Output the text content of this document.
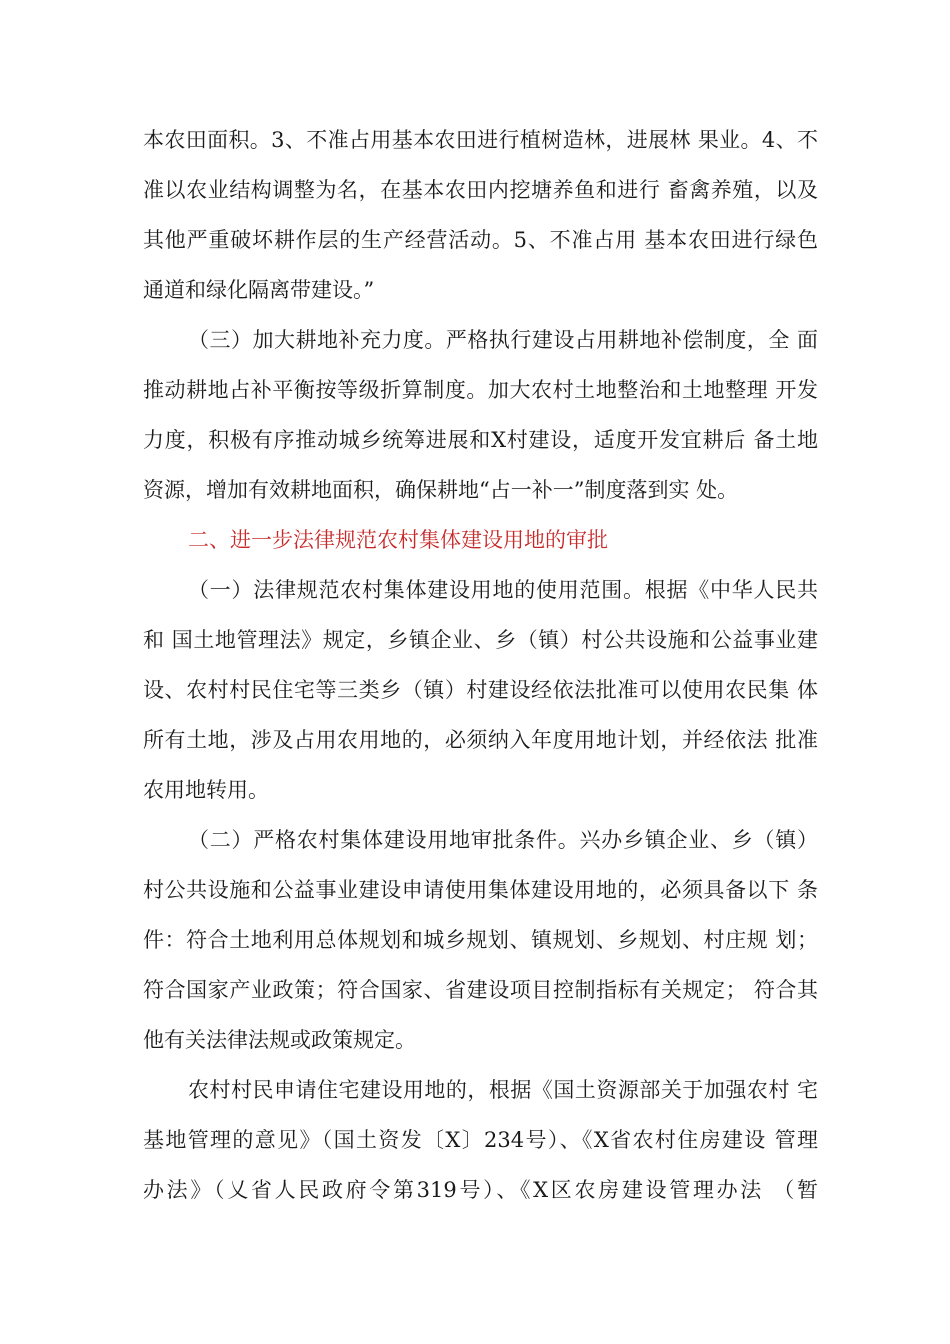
本农田面积。3、不准占用基本农田进行植树造林，进展林 果业。4、不
准以农业结构调整为名，在基本农田内挖塘养鱼和进行 畜禽养殖，以及
其他严重破坏耕作层的生产经营活动。5、不准占用 基本农田进行绿色
通道和绿化隔离带建设。”
（三）加大耕地补充力度。严格执行建设占用耕地补偿制度，全 面
推动耕地占补平衡按等级折算制度。加大农村土地整治和土地整理 开发
力度，积极有序推动城乡统筹进展和X村建设，适度开发宜耕后 备土地
资源，增加有效耕地面积，确保耕地“占一补一”制度落到实 处。
二、进一步法律规范农村集体建设用地的审批
（一）法律规范农村集体建设用地的使用范围。根据《中华人民共
和 国土地管理法》规定，乡镇企业、乡（镇）村公共设施和公益事业建
设、农村村民住宅等三类乡（镇）村建设经依法批准可以使用农民集 体
所有土地，涉及占用农用地的，必须纳入年度用地计划，并经依法 批准
农用地转用。
（二）严格农村集体建设用地审批条件。兴办乡镇企业、乡（镇）
村公共设施和公益事业建设申请使用集体建设用地的，必须具备以下 条
件：符合土地利用总体规划和城乡规划、镇规划、乡规划、村庄规 划；
符合国家产业政策；符合国家、省建设项目控制指标有关规定； 符合其
他有关法律法规或政策规定。
农村村民申请住宅建设用地的，根据《国土资源部关于加强农村 宅
基地管理的意见》（国土资发〔X〕234号）、《X省农村住房建设 管理
办法》（乂省人民政府令第319号）、《X区农房建设管理办法 （暂
